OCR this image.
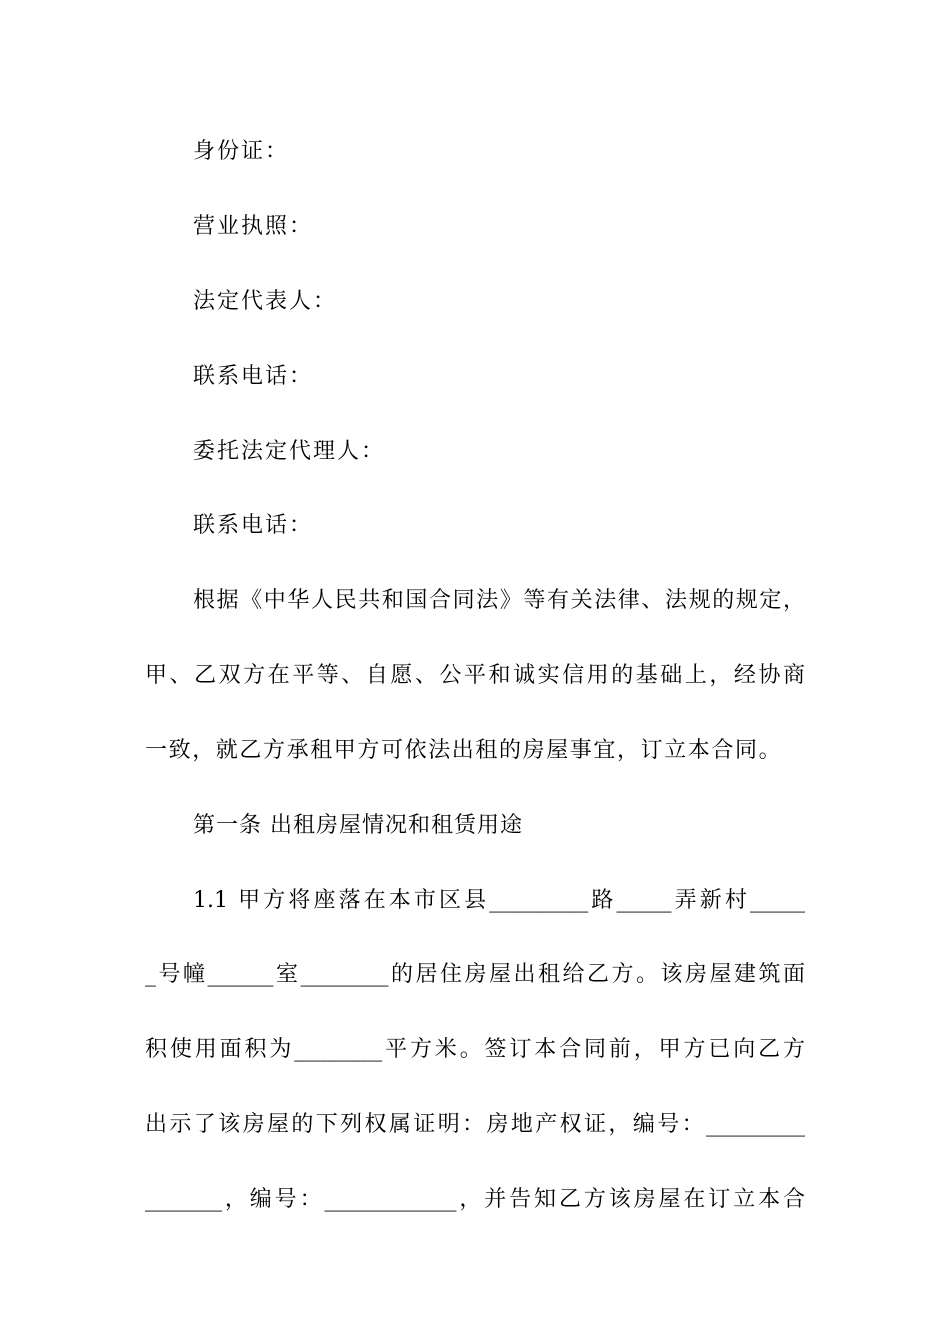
身份证：
营业执照：
法定代表人：
联系电话：
委托法定代理人：
联系电话：
根据《中华人民共和国合同法》等有关法律、法规的规定，
甲、乙双方在平等、自愿、公平和诚实信用的基础上，经协商
一致，就乙方承租甲方可依法出租的房屋事宜，订立本合同。
第一条 出租房屋情况和租赁用途
1.1 甲方将座落在本市区县_________路_____弄新村_____
_号幢______室________的居住房屋出租给乙方。该房屋建筑面
积使用面积为________平方米。签订本合同前，甲方已向乙方
出示了该房屋的下列权属证明：房地产权证，编号：_________
_______，编号：____________，并告知乙方该房屋在订立本合
